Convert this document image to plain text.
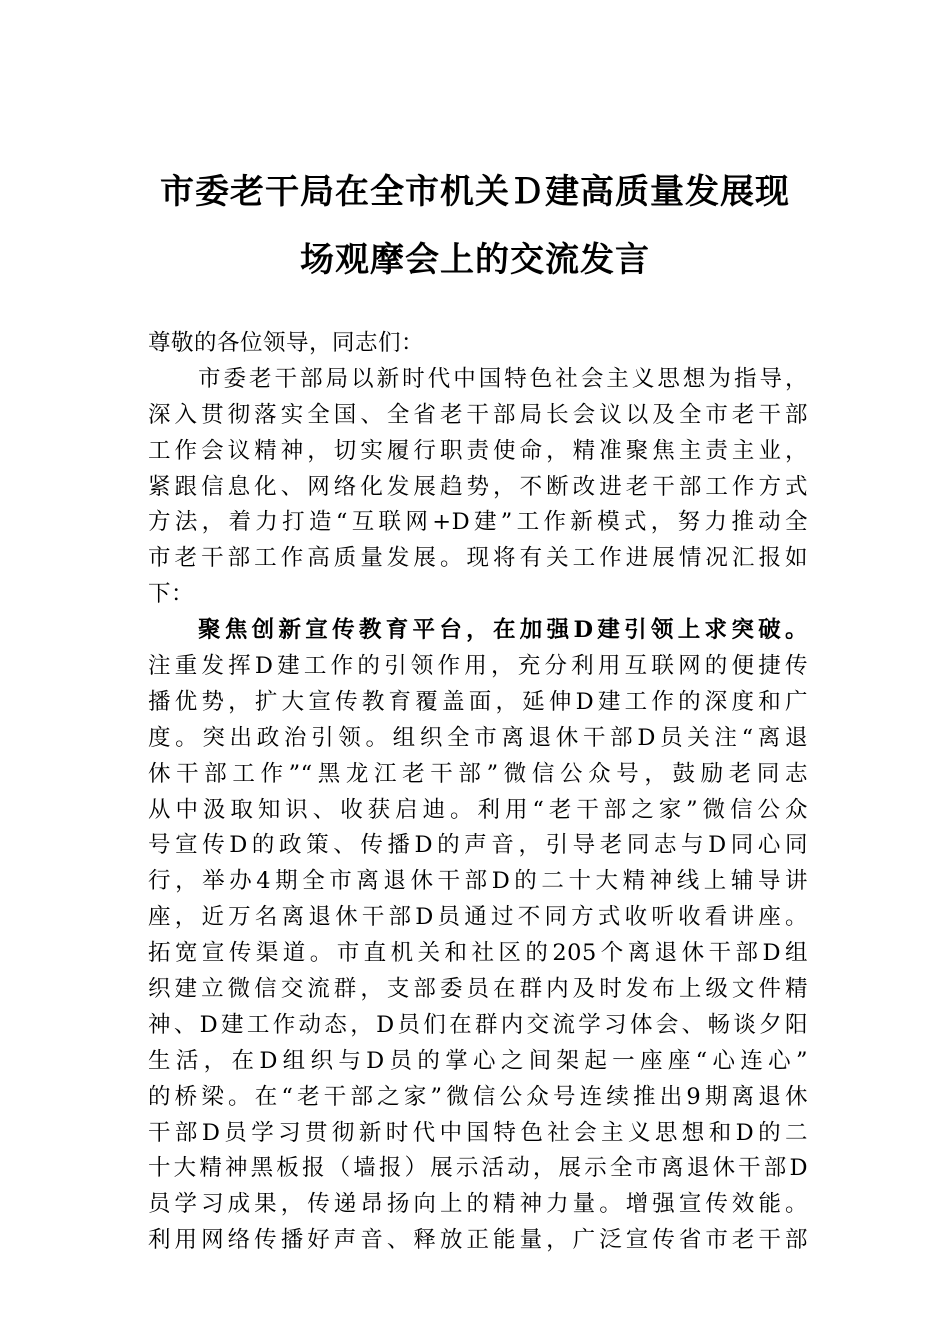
市委老干局在全市机关Ｄ建高质量发展现
场观摩会上的交流发言
尊敬的各位领导，同志们：
市委老干部局以新时代中国特色社会主义思想为指导，
深入贯彻落实全国、全省老干部局长会议以及全市老干部
工作会议精神，切实履行职责使命，精准聚焦主责主业，
紧跟信息化、网络化发展趋势，不断改进老干部工作方式
方法，着力打造“互联网+D建”工作新模式，努力推动全
市老干部工作高质量发展。现将有关工作进展情况汇报如
下：
聚焦创新宣传教育平台，在加强D建引领上求突破。
注重发挥D建工作的引领作用，充分利用互联网的便捷传
播优势，扩大宣传教育覆盖面，延伸D建工作的深度和广
度。突出政治引领。组织全市离退休干部D员关注“离退
休干部工作”“黑龙江老干部”微信公众号，鼓励老同志
从中汲取知识、收获启迪。利用“老干部之家”微信公众
号宣传D的政策、传播D的声音，引导老同志与D同心同
行，举办4期全市离退休干部D的二十大精神线上辅导讲
座，近万名离退休干部D员通过不同方式收听收看讲座。
拓宽宣传渠道。市直机关和社区的205个离退休干部D组
织建立微信交流群，支部委员在群内及时发布上级文件精
神、D建工作动态，D员们在群内交流学习体会、畅谈夕阳
生活，在D组织与D员的掌心之间架起一座座“心连心”
的桥梁。在“老干部之家”微信公众号连续推出9期离退休
干部D员学习贯彻新时代中国特色社会主义思想和D的二
十大精神黑板报（墙报）展示活动，展示全市离退休干部D
员学习成果，传递昂扬向上的精神力量。增强宣传效能。
利用网络传播好声音、释放正能量，广泛宣传省市老干部
